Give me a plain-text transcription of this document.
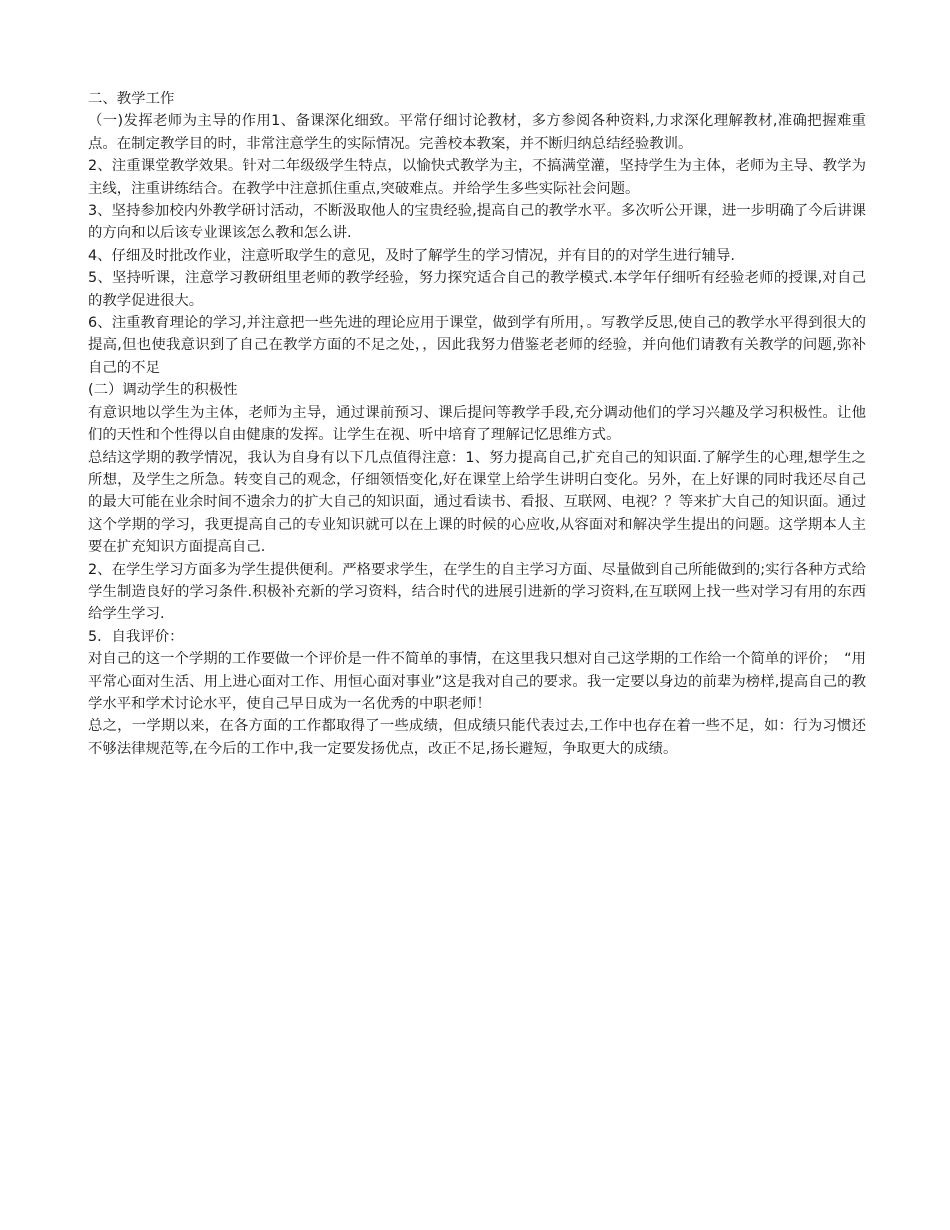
二、教学工作

（一)发挥老师为主导的作用1、备课深化细致。平常仔细讨论教材，多方参阅各种资料,力求深化理解教材,准确把握难重点。在制定教学目的时，非常注意学生的实际情况。完善校本教案，并不断归纳总结经验教训。

2、注重课堂教学效果。针对二年级级学生特点，以愉快式教学为主，不搞满堂灌，坚持学生为主体，老师为主导、教学为主线，注重讲练结合。在教学中注意抓住重点,突破难点。并给学生多些实际社会问题。

3、坚持参加校内外教学研讨活动，不断汲取他人的宝贵经验,提高自己的教学水平。多次听公开课，进一步明确了今后讲课的方向和以后该专业课该怎么教和怎么讲.

4、仔细及时批改作业，注意听取学生的意见，及时了解学生的学习情况，并有目的的对学生进行辅导.

5、坚持听课，注意学习教研组里老师的教学经验，努力探究适合自己的教学模式.本学年仔细听有经验老师的授课,对自己的教学促进很大。

6、注重教育理论的学习,并注意把一些先进的理论应用于课堂，做到学有所用，。写教学反思,使自己的教学水平得到很大的提高,但也使我意识到了自己在教学方面的不足之处，，因此我努力借鉴老老师的经验，并向他们请教有关教学的问题,弥补自己的不足

(二）调动学生的积极性

有意识地以学生为主体，老师为主导，通过课前预习、课后提问等教学手段,充分调动他们的学习兴趣及学习积极性。让他们的天性和个性得以自由健康的发挥。让学生在视、听中培育了理解记忆思维方式。

总结这学期的教学情况，我认为自身有以下几点值得注意：1、努力提高自己,扩充自己的知识面.了解学生的心理,想学生之所想，及学生之所急。转变自己的观念，仔细领悟变化,好在课堂上给学生讲明白变化。另外，在上好课的同时我还尽自己的最大可能在业余时间不遗余力的扩大自己的知识面，通过看读书、看报、互联网、电视？？等来扩大自己的知识面。通过这个学期的学习，我更提高自己的专业知识就可以在上课的时候的心应收,从容面对和解决学生提出的问题。这学期本人主要在扩充知识方面提高自己.

2、在学生学习方面多为学生提供便利。严格要求学生，在学生的自主学习方面、尽量做到自己所能做到的;实行各种方式给学生制造良好的学习条件.积极补充新的学习资料，结合时代的进展引进新的学习资料,在互联网上找一些对学习有用的东西给学生学习.

5．自我评价：

对自己的这一个学期的工作要做一个评价是一件不简单的事情，在这里我只想对自己这学期的工作给一个简单的评价；　“用平常心面对生活、用上进心面对工作、用恒心面对事业”这是我对自己的要求。我一定要以身边的前辈为榜样,提高自己的教学水平和学术讨论水平，使自己早日成为一名优秀的中职老师！

总之，一学期以来，在各方面的工作都取得了一些成绩，但成绩只能代表过去,工作中也存在着一些不足，如：行为习惯还不够法律规范等,在今后的工作中,我一定要发扬优点，改正不足,扬长避短，争取更大的成绩。
